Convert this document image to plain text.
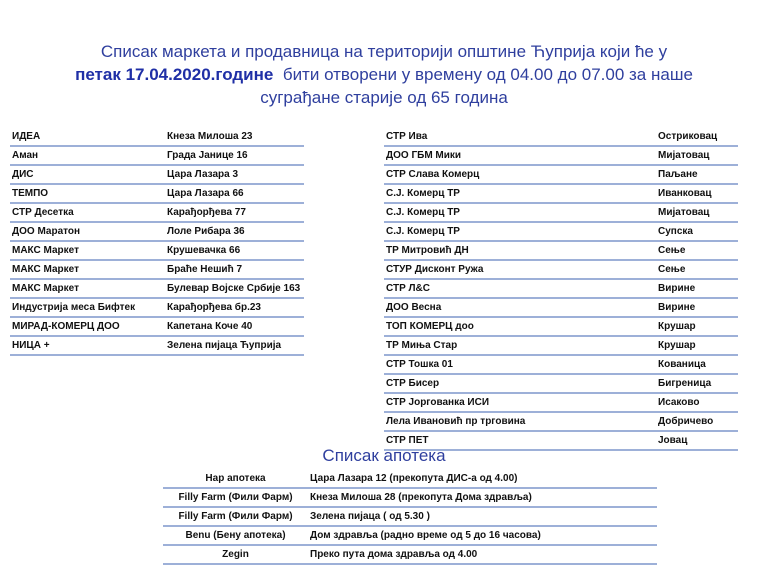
Списак маркета и продавница на територији општине Ћуприја који ће у
петак 17.04.2020.године бити отворени у времену од 04.00 до 07.00 за наше
суграђане старије од 65 година
ИДЕА	Кнеза Милоша 23
Аман	Града Јанице 16
ДИС	Цара Лазара 3
ТЕМПО	Цара Лазара 66
СТР Десетка	Карађорђева 77
ДОО Маратон	Лоле Рибара 36
МАКС Маркет	Крушевачка 66
МАКС Маркет	Браће Нешић 7
МАКС Маркет	Булевар Војске Србије 163
Индустрија меса Бифтек	Карађорђева бр.23
МИРАД-КОМЕРЦ ДОО	Капетана Коче 40
НИЦА +	Зелена пијаца Ћуприја
СТР Ива	Остриковац
ДОО ГБМ Мики	Мијатовац
СТР Слава Комерц	Паљане
С.Ј. Комерц ТР	Иванковац
С.Ј. Комерц ТР	Мијатовац
С.Ј. Комерц ТР	Супска
ТР Митровић ДН	Сење
СТУР Дисконт Ружа	Сење
СТР Л&С	Вирине
ДОО Весна	Вирине
ТОП КОМЕРЦ доо	Крушар
ТР Миња Стар	Крушар
СТР Тошка 01	Кованица
СТР Бисер	Бигреница
СТР Јоргованка ИСИ	Исаково
Лела Ивановић пр трговина	Добричево
СТР ПЕТ	Јовац
Списак апотека
Нар апотека	Цара Лазара 12 (прекопута ДИС-а од 4.00)
Filly Farm (Фили Фарм)	Кнеза Милоша 28 (прекопута Дома здравља)
Filly Farm (Фили Фарм)	Зелена пијаца ( од 5.30 )
Benu (Бену апотека)	Дом здравља (радно време од 5 до 16 часова)
Zegin	Преко пута дома здравља од 4.00
